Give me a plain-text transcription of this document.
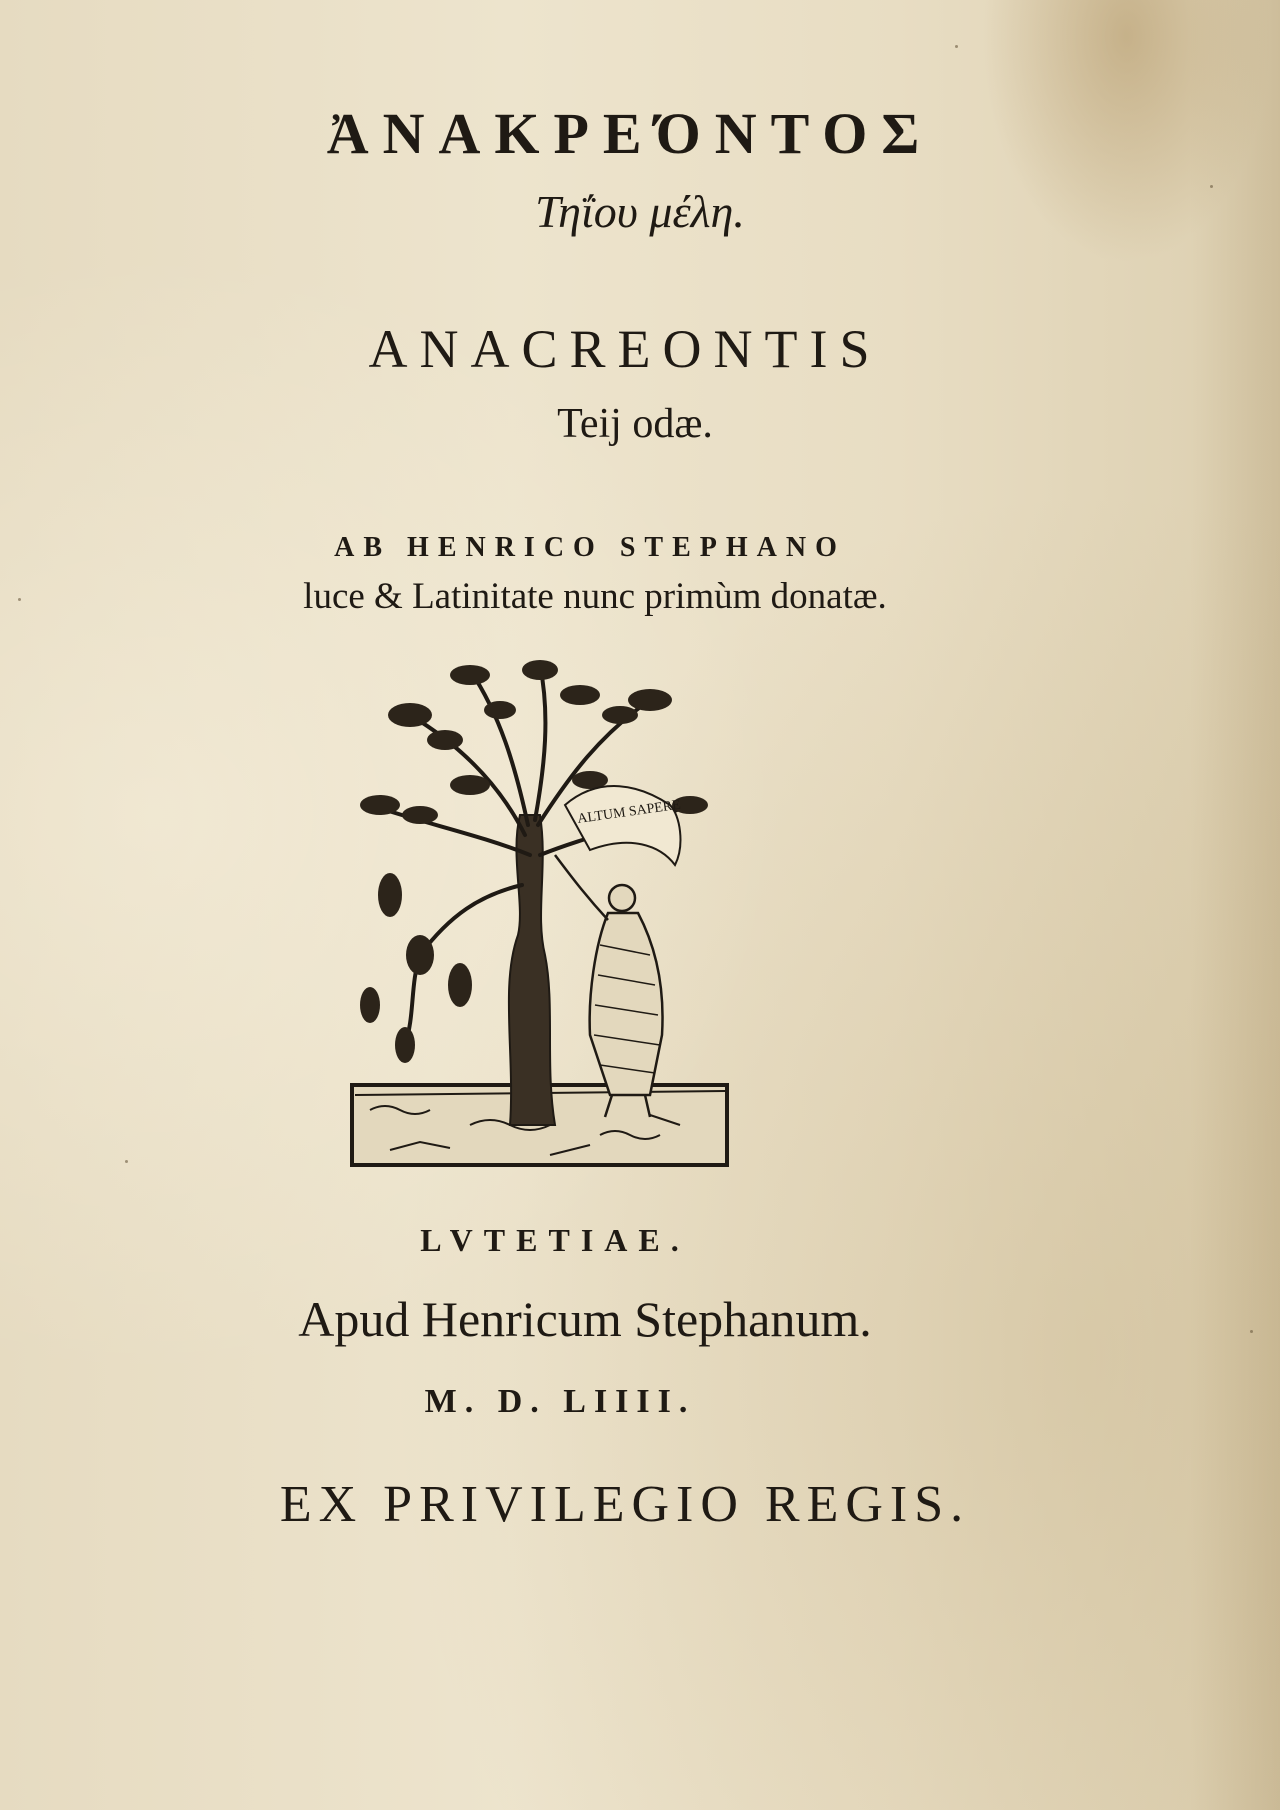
ἈΝΑΚΡΕΌΝΤΟΣ
Τηΐου μέλη.
ANACREONTIS
Teij odæ.
AB HENRICO STEPHANO
luce & Latinitate nunc primùm donatæ.
ALTUM SAPERE
LVTETIAE.
Apud Henricum Stephanum.
M. D. LIIII.
EX PRIVILEGIO REGIS.
